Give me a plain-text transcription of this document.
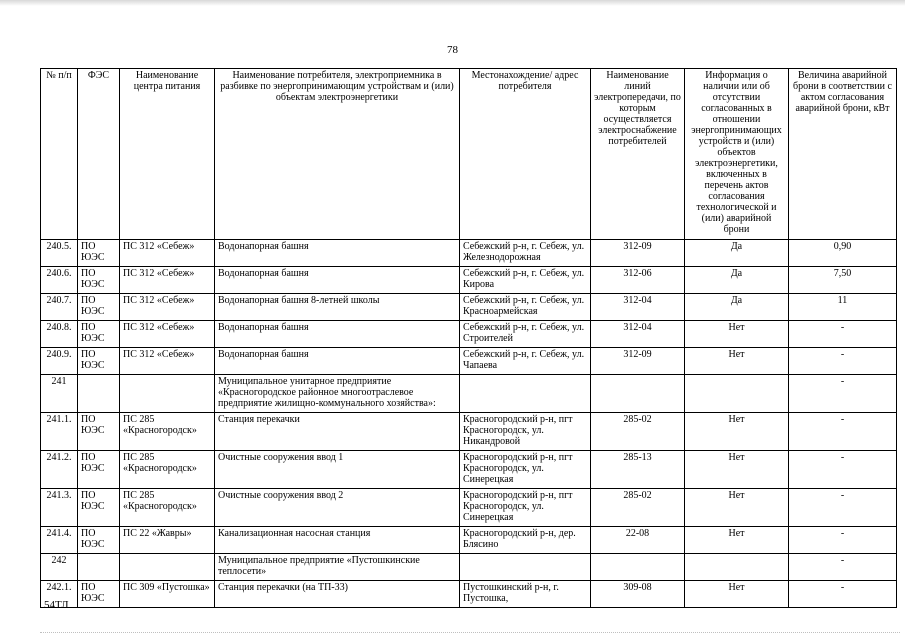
78
№ п/п	ФЭС	Наименование центра питания	Наименование потребителя, электроприемника в разбивке по энергопринимающим устройствам и (или) объектам электроэнергетики	Местонахождение/ адрес потребителя	Наименование линий электропередачи, по которым осуществляется электроснабжение потребителей	Информация о наличии или об отсутствии согласованных в отношении энергопринимающих устройств и (или) объектов электроэнергетики, включенных в перечень актов согласования технологической и (или) аварийной брони	Величина аварийной брони в соответствии с актом согласования аварийной брони, кВт
240.5.	ПО ЮЭС	ПС 312 «Себеж»	Водонапорная башня	Себежский р-н, г. Себеж, ул. Железнодорожная	312-09	Да	0,90
240.6.	ПО ЮЭС	ПС 312 «Себеж»	Водонапорная башня	Себежский р-н, г. Себеж, ул. Кирова	312-06	Да	7,50
240.7.	ПО ЮЭС	ПС 312 «Себеж»	Водонапорная башня 8-летней школы	Себежский р-н, г. Себеж, ул. Красноармейская	312-04	Да	11
240.8.	ПО ЮЭС	ПС 312 «Себеж»	Водонапорная башня	Себежский р-н, г. Себеж, ул. Строителей	312-04	Нет	-
240.9.	ПО ЮЭС	ПС 312 «Себеж»	Водонапорная башня	Себежский р-н, г. Себеж, ул. Чапаева	312-09	Нет	-
241			Муниципальное унитарное предприятие «Красногородское районное многоотраслевое предприятие жилищно-коммунального хозяйства»:				-
241.1.	ПО ЮЭС	ПС 285 «Красногородск»	Станция перекачки	Красногородский р-н, пгт Красногородск, ул. Никандровой	285-02	Нет	-
241.2.	ПО ЮЭС	ПС 285 «Красногородск»	Очистные сооружения ввод 1	Красногородский р-н, пгт Красногородск, ул. Синерецкая	285-13	Нет	-
241.3.	ПО ЮЭС	ПС 285 «Красногородск»	Очистные сооружения ввод 2	Красногородский р-н, пгт Красногородск, ул. Синерецкая	285-02	Нет	-
241.4.	ПО ЮЭС	ПС 22 «Жавры»	Канализационная насосная станция	Красногородский р-н, дер. Блясино	22-08	Нет	-
242			Муниципальное предприятие «Пустошкинские теплосети»				-
242.1.	ПО ЮЭС	ПС 309 «Пустошка»	Станция перекачки (на ТП-33)	Пустошкинский р-н, г. Пустошка,	309-08	Нет	-
54ТЛ
